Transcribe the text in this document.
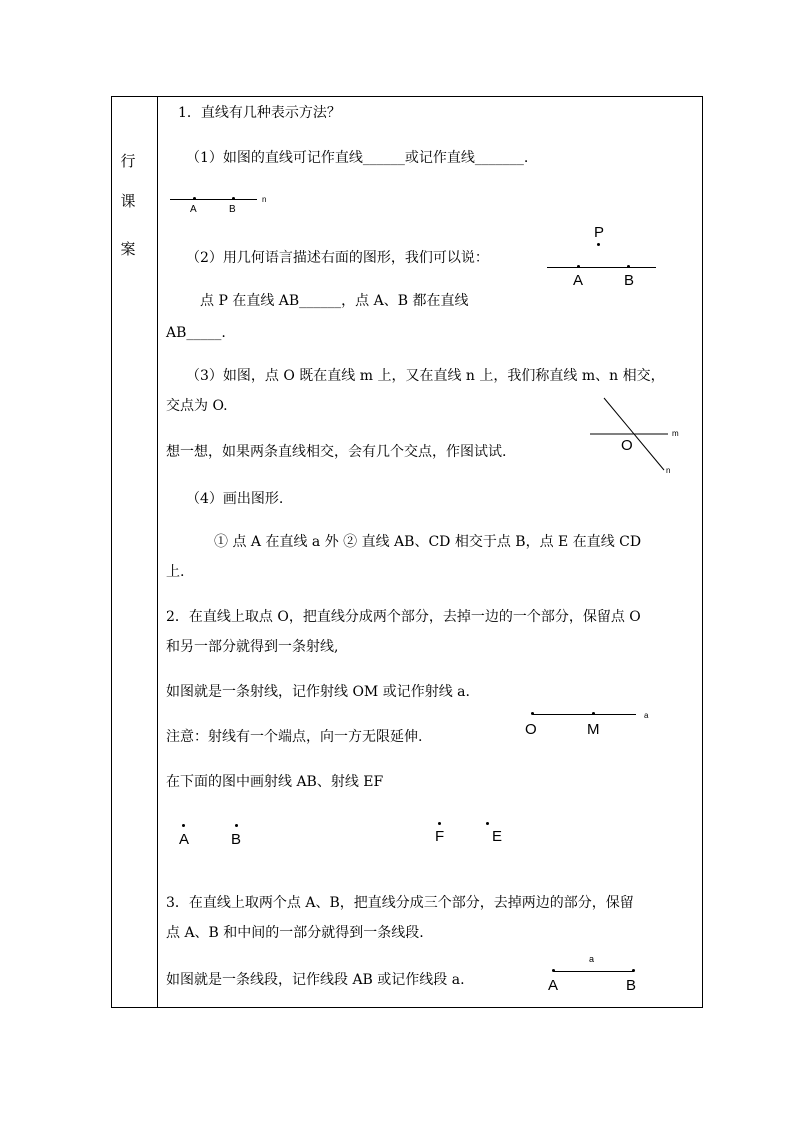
行
课
案
1．直线有几种表示方法？
（1）如图的直线可记作直线______或记作直线_______.
A	B
n
（2）用几何语言描述右面的图形，我们可以说：
P
A	B
点 P 在直线 AB______，点 A、B 都在直线
AB_____.
（3）如图，点 O 既在直线 m 上，又在直线 n 上，我们称直线 m、n 相交，
交点为 O.
O
m
n
想一想，如果两条直线相交，会有几个交点，作图试试.
（4）画出图形.
① 点 A 在直线 a 外 ② 直线 AB、CD 相交于点 B，点 E 在直线 CD
上.
2．在直线上取点 O，把直线分成两个部分，去掉一边的一个部分，保留点 O
和另一部分就得到一条射线,
如图就是一条射线，记作射线 OM 或记作射线 a.
O	M
a
注意：射线有一个端点，向一方无限延伸.
在下面的图中画射线 AB、射线 EF
A	B	F	E
3．在直线上取两个点 A、B，把直线分成三个部分，去掉两边的部分，保留
点 A、B 和中间的一部分就得到一条线段.
如图就是一条线段，记作线段 AB 或记作线段 a.
a
A	B
